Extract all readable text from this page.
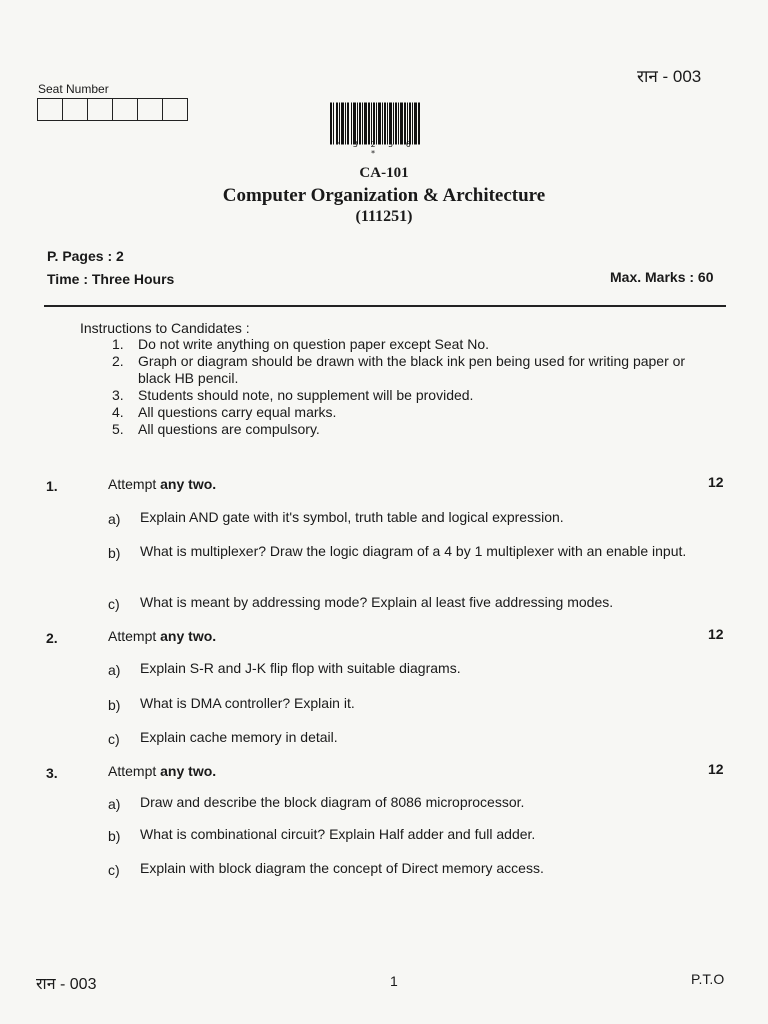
रान - 003
Seat Number
* 3 2 5 6 *
CA-101
Computer Organization & Architecture
(111251)
P. Pages : 2
Time : Three Hours	Max. Marks : 60
Instructions to Candidates :
1.	Do not write anything on question paper except Seat No.
2.	Graph or diagram should be drawn with the black ink pen being used for writing paper or black HB pencil.
3.	Students should note, no supplement will be provided.
4.	All questions carry equal marks.
5.	All questions are compulsory.
1.	Attempt any two.	12
a) Explain AND gate with it's symbol, truth table and logical expression.
b) What is multiplexer? Draw the logic diagram of a 4 by 1 multiplexer with an enable input.
c) What is meant by addressing mode? Explain al least five addressing modes.
2.	Attempt any two.	12
a) Explain S-R and J-K flip flop with suitable diagrams.
b) What is DMA controller? Explain it.
c) Explain cache memory in detail.
3.	Attempt any two.	12
a) Draw and describe the block diagram of 8086 microprocessor.
b) What is combinational circuit? Explain Half adder and full adder.
c) Explain with block diagram the concept of Direct memory access.
रान - 003	1	P.T.O
